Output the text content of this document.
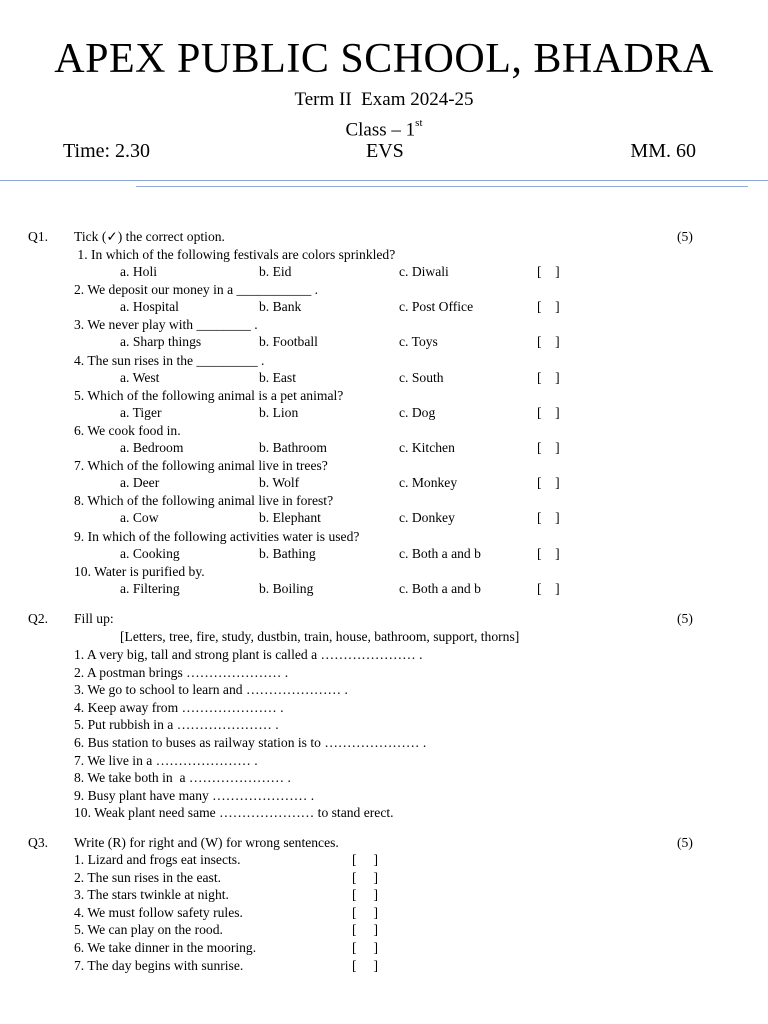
APEX PUBLIC SCHOOL, BHADRA
Term II  Exam 2024-25
Class – 1st
Time: 2.30	EVS	MM. 60
Q1. Tick (✓) the correct option.	(5)
1. In which of the following festivals are colors sprinkled?
a. Holi	b. Eid	c. Diwali	[    ]
2. We deposit our money in a ___________ .
a. Hospital	b. Bank	c. Post Office	[    ]
3. We never play with ________ .
a. Sharp things	b. Football	c. Toys	[    ]
4. The sun rises in the _________ .
a. West	b. East	c. South	[    ]
5. Which of the following animal is a pet animal?
a. Tiger	b. Lion	c. Dog	[    ]
6. We cook food in.
a. Bedroom	b. Bathroom	c. Kitchen	[    ]
7. Which of the following animal live in trees?
a. Deer	b. Wolf	c. Monkey	[    ]
8. Which of the following animal live in forest?
a. Cow	b. Elephant	c. Donkey	[    ]
9. In which of the following activities water is used?
a. Cooking	b. Bathing	c. Both a and b	[    ]
10. Water is purified by.
a. Filtering	b. Boiling	c. Both a and b	[    ]
Q2. Fill up:	(5)
[Letters, tree, fire, study, dustbin, train, house, bathroom, support, thorns]
1. A very big, tall and strong plant is called a ………………… .
2. A postman brings ………………… .
3. We go to school to learn and ………………… .
4. Keep away from ………………… .
5. Put rubbish in a ………………… .
6. Bus station to buses as railway station is to ………………… .
7. We live in a ………………… .
8. We take both in  a ………………… .
9. Busy plant have many ………………… .
10. Weak plant need same ………………… to stand erect.
Q3. Write (R) for right and (W) for wrong sentences.	(5)
1. Lizard and frogs eat insects.	[     ]
2. The sun rises in the east.	[     ]
3. The stars twinkle at night.	[     ]
4. We must follow safety rules.	[     ]
5. We can play on the rood.	[     ]
6. We take dinner in the mooring.	[     ]
7. The day begins with sunrise.	[     ]
